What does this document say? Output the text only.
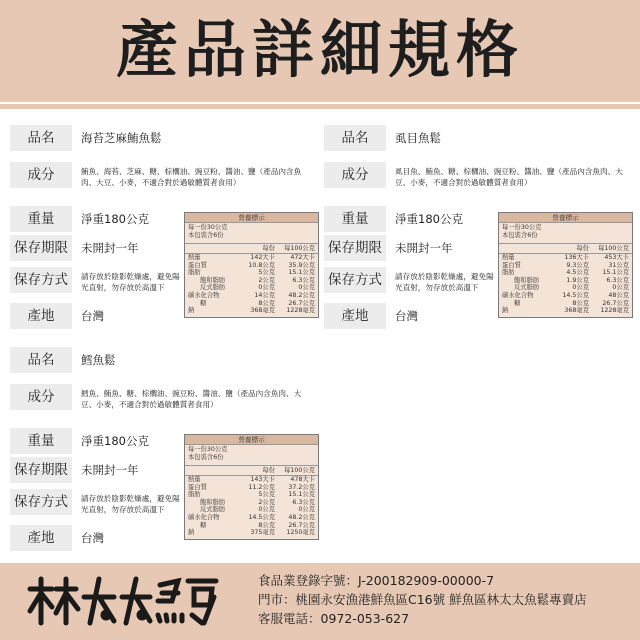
產品詳細規格
品名	海苔芝麻鮪魚鬆
成分	鮪魚、海苔、芝麻、糖、棕櫚油、豌豆粉、醬油、鹽（產品內含魚肉、大豆、小麥，不適合對於過敏體質者食用）
重量	淨重180公克
保存期限	未開封一年
保存方式	請存放於陰影乾燥處，避免陽光直射，勿存放於高溫下
產地	台灣
營養標示
每一份30公克
本包裝含6份
每份	每100公克
熱量	142大卡	472大卡
蛋白質	10.8公克	35.9公克
脂肪	5公克	15.1公克
飽和脂肪	2公克	6.3公克
反式脂肪	0公克	0公克
碳水化合物	14公克	48.2公克
糖	8公克	26.7公克
鈉	368毫克	1228毫克
品名	虱目魚鬆
成分	虱目魚、鮪魚、糖、棕櫚油、豌豆粉、醬油、鹽（產品內含魚肉、大豆、小麥，不適合對於過敏體質者食用）
重量	淨重180公克
保存期限	未開封一年
保存方式	請存放於陰影乾燥處，避免陽光直射，勿存放於高溫下
產地	台灣
營養標示
每一份30公克
本包裝含6份
每份	每100公克
熱量	136大卡	453大卡
蛋白質	9.3公克	31公克
脂肪	4.5公克	15.1公克
飽和脂肪	1.9公克	6.3公克
反式脂肪	0公克	0公克
碳水化合物	14.5公克	48公克
糖	8公克	26.7公克
鈉	368毫克	1228毫克
品名	鱈魚鬆
成分	鱈魚、鮪魚、糖、棕櫚油、豌豆粉、醬油、鹽（產品內含魚肉、大豆、小麥，不適合對於過敏體質者食用）
重量	淨重180公克
保存期限	未開封一年
保存方式	請存放於陰影乾燥處，避免陽光直射，勿存放於高溫下
產地	台灣
營養標示
每一份30公克
本包裝含6份
每份	每100公克
熱量	143大卡	478大卡
蛋白質	11.2公克	37.2公克
脂肪	5公克	15.1公克
飽和脂肪	2公克	6.3公克
反式脂肪	0公克	0公克
碳水化合物	14.5公克	48.2公克
糖	8公克	26.7公克
鈉	375毫克	1250毫克
食品業登錄字號：J-200182909-00000-7
門市：桃園永安漁港鮮魚區C16號 鮮魚區林太太魚鬆專賣店
客服電話：0972-053-627
